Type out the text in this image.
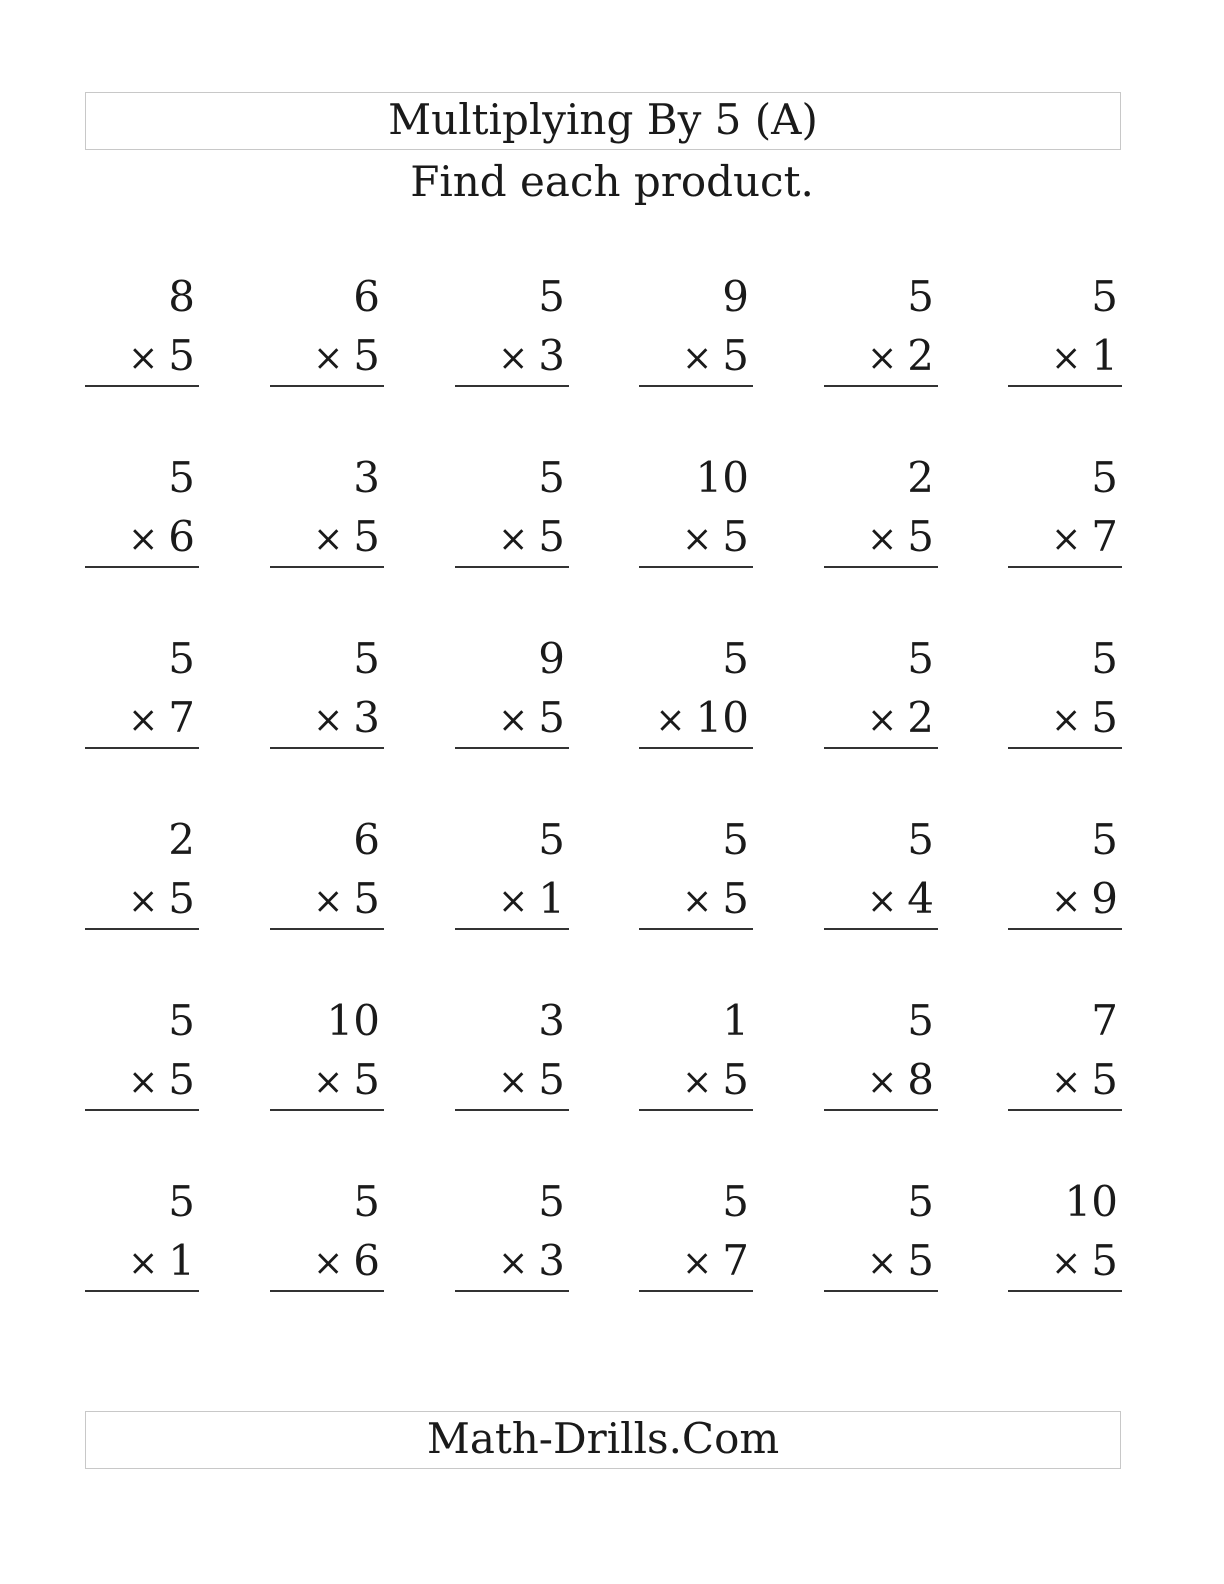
Multiplying By 5 (A)
Find each product.
8
× 5
6
× 5
5
× 3
9
× 5
5
× 2
5
× 1
5
× 6
3
× 5
5
× 5
10
× 5
2
× 5
5
× 7
5
× 7
5
× 3
9
× 5
5
× 10
5
× 2
5
× 5
2
× 5
6
× 5
5
× 1
5
× 5
5
× 4
5
× 9
5
× 5
10
× 5
3
× 5
1
× 5
5
× 8
7
× 5
5
× 1
5
× 6
5
× 3
5
× 7
5
× 5
10
× 5
Math-Drills.Com
